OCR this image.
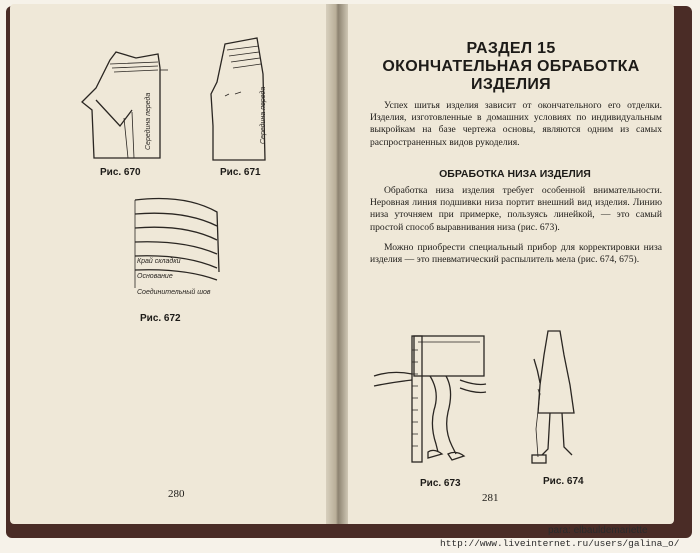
Середина переда
Рис. 670
Середина переда
Рис. 671
Край складки
Основание
Соединительный шов
Рис. 672
280
РАЗДЕЛ 15
ОКОНЧАТЕЛЬНАЯ ОБРАБОТКА
ИЗДЕЛИЯ
Успех шитья изделия зависит от окончательного его отделки. Изделия, изготовленные в домашних условиях по индивидуальным выкройкам на базе чертежа основы, являются одним из самых распространенных видов рукоделия.
ОБРАБОТКА НИЗА ИЗДЕЛИЯ
Обработка низа изделия требует особенной внимательности. Неровная линия подшивки низа портит внешний вид изделия. Линию низа уточняем при примерке, пользуясь линейкой, — это самый простой способ выравнивания низа (рис. 673).
Можно приобрести специальный прибор для корректировки низа изделия — это пневматический распылитель мела (рис. 674, 675).
Рис. 673	Рис. 674
281
para: elbauldemariette
http://www.liveinternet.ru/users/galina_o/
